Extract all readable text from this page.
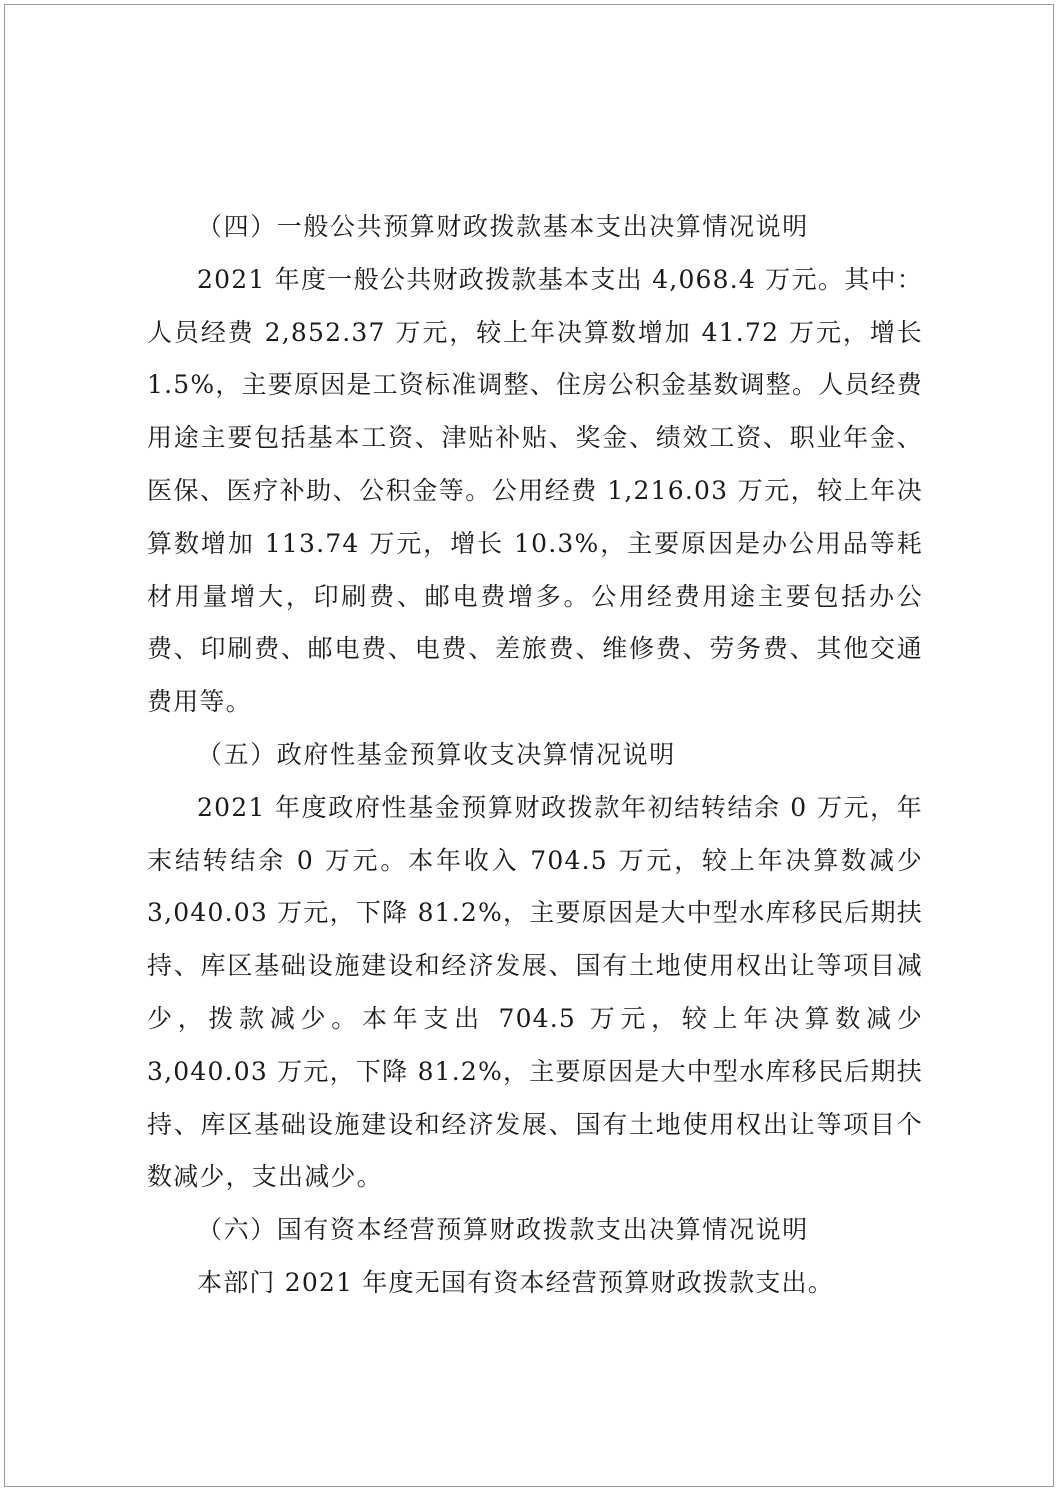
（四）一般公共预算财政拨款基本支出决算情况说明

2021 年度一般公共财政拨款基本支出 4,068.4 万元。其中：人员经费 2,852.37 万元，较上年决算数增加 41.72 万元，增长 1.5%，主要原因是工资标准调整、住房公积金基数调整。人员经费用途主要包括基本工资、津贴补贴、奖金、绩效工资、职业年金、医保、医疗补助、公积金等。公用经费 1,216.03 万元，较上年决算数增加 113.74 万元，增长 10.3%，主要原因是办公用品等耗材用量增大，印刷费、邮电费增多。公用经费用途主要包括办公费、印刷费、邮电费、电费、差旅费、维修费、劳务费、其他交通费用等。

（五）政府性基金预算收支决算情况说明

2021 年度政府性基金预算财政拨款年初结转结余 0 万元，年末结转结余 0 万元。本年收入 704.5 万元，较上年决算数减少 3,040.03 万元，下降 81.2%，主要原因是大中型水库移民后期扶持、库区基础设施建设和经济发展、国有土地使用权出让等项目减少，拨款减少。本年支出 704.5 万元，较上年决算数减少 3,040.03 万元，下降 81.2%，主要原因是大中型水库移民后期扶持、库区基础设施建设和经济发展、国有土地使用权出让等项目个数减少，支出减少。

（六）国有资本经营预算财政拨款支出决算情况说明

本部门 2021 年度无国有资本经营预算财政拨款支出。
